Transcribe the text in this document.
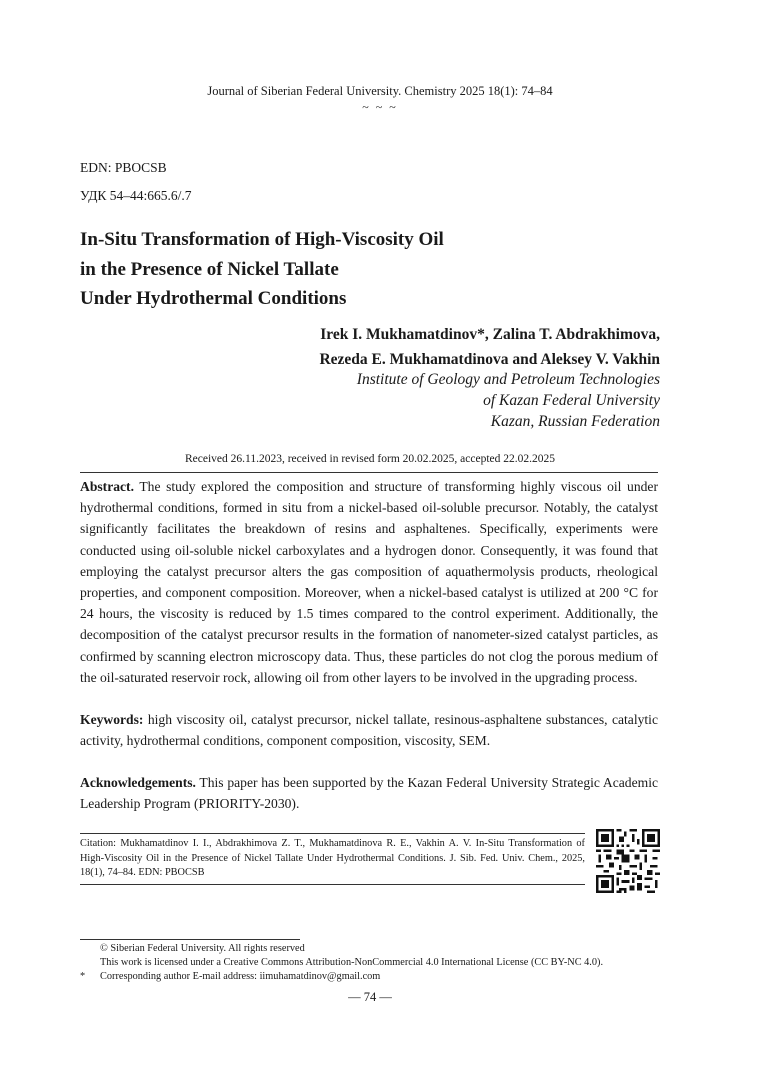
Journal of Siberian Federal University. Chemistry 2025 18(1): 74–84
~ ~ ~
EDN: PBOCSB
УДК 54–44:665.6/.7
In-Situ Transformation of High-Viscosity Oil
in the Presence of Nickel Tallate
Under Hydrothermal Conditions
Irek I. Mukhamatdinov*, Zalina T. Abdrakhimova,
Rezeda E. Mukhamatdinova and Aleksey V. Vakhin
Institute of Geology and Petroleum Technologies
of Kazan Federal University
Kazan, Russian Federation
Received 26.11.2023, received in revised form 20.02.2025, accepted 22.02.2025
Abstract. The study explored the composition and structure of transforming highly viscous oil under hydrothermal conditions, formed in situ from a nickel-based oil-soluble precursor. Notably, the catalyst significantly facilitates the breakdown of resins and asphaltenes. Specifically, experiments were conducted using oil-soluble nickel carboxylates and a hydrogen donor. Consequently, it was found that employing the catalyst precursor alters the gas composition of aquathermolysis products, rheological properties, and component composition. Moreover, when a nickel-based catalyst is utilized at 200 °C for 24 hours, the viscosity is reduced by 1.5 times compared to the control experiment. Additionally, the decomposition of the catalyst precursor results in the formation of nanometer-sized catalyst particles, as confirmed by scanning electron microscopy data. Thus, these particles do not clog the porous medium of the oil-saturated reservoir rock, allowing oil from other layers to be involved in the upgrading process.
Keywords: high viscosity oil, catalyst precursor, nickel tallate, resinous-asphaltene substances, catalytic activity, hydrothermal conditions, component composition, viscosity, SEM.
Acknowledgements. This paper has been supported by the Kazan Federal University Strategic Academic Leadership Program (PRIORITY-2030).
Citation: Mukhamatdinov I. I., Abdrakhimova Z. T., Mukhamatdinova R. E., Vakhin A. V. In-Situ Transformation of High-Viscosity Oil in the Presence of Nickel Tallate Under Hydrothermal Conditions. J. Sib. Fed. Univ. Chem., 2025, 18(1), 74–84. EDN: PBOCSB
© Siberian Federal University. All rights reserved
This work is licensed under a Creative Commons Attribution-NonCommercial 4.0 International License (CC BY-NC 4.0).
* Corresponding author E-mail address: iimuhamatdinov@gmail.com
— 74 —
